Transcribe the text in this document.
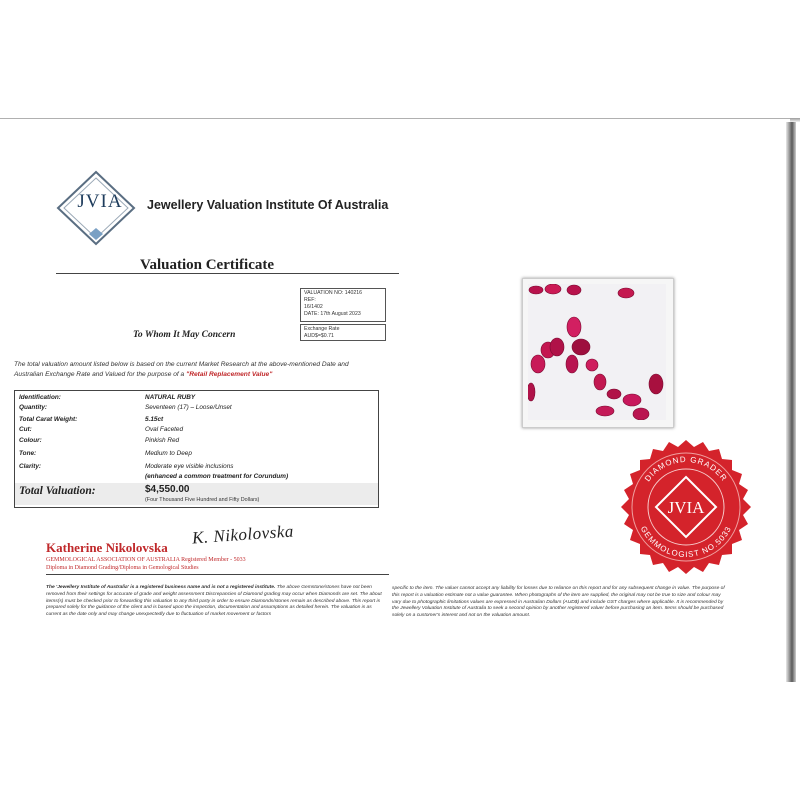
JVIA	Jewellery Valuation Institute Of Australia
Valuation Certificate
VALUATION NO: 140216
REF:
16/1402
DATE: 17th August 2023
Exchange Rate
AUD$=$0.71
To Whom It May Concern
The total valuation amount listed below is based on the current Market Research at the above-mentioned Date and Australian Exchange Rate and Valued for the purpose of a "Retail Replacement Value"
Identification:	NATURAL RUBY
Quantity:	Seventeen (17) – Loose/Unset
Total Carat Weight:	5.15ct
Cut:	Oval Faceted
Colour:	Pinkish Red
Tone:	Medium to Deep
Clarity:	Moderate eye visible inclusions
(enhanced a common treatment for Corundum)
Total Valuation:	$4,550.00
(Four Thousand Five Hundred and Fifty Dollars)
Katherine Nikolovska K. Nikolovska
GEMMOLOGICAL ASSOCIATION OF AUSTRALIA Registered Member - 5033
Diploma in Diamond Grading/Diploma in Gemological Studies
The 'Jewellery Institute of Australia' is a registered business name and is not a registered institute. The above Gemstone/stones have not been removed from their settings for accurate of grade and weight assessment Discrepancies of Diamond grading may occur when Diamonds are set. The about items(s) must be checked prior to forwarding this valuation to any third party in order to ensure Diamonds/stones remain as described above. This report is prepared solely for the guidance of the client and is based upon the inspection, documentation and assumptions as detailed herein. The valuation is as current as the date only and may change unexpectedly due to fluctuation of market movement or factors
specific to the item. The valuer cannot accept any liability for losses due to reliance on this report and for any subsequent change in value. The purpose of this report is a valuation estimate not a value guarantee. When photographs of the item are supplied, the original may not be true to size and colour may vary due to photographic limitations values are expressed in Australian Dollars (AUD$) and include GST charges where applicable. It is recommended by the Jewellery Valuation Institute of Australia to seek a second opinion by another registered valuer before purchasing an item. Items should be purchased solely on a customer's interest and not on the valuation amount.
DIAMOND GRADER
GEMMOLOGIST NO.5033
JVIA
